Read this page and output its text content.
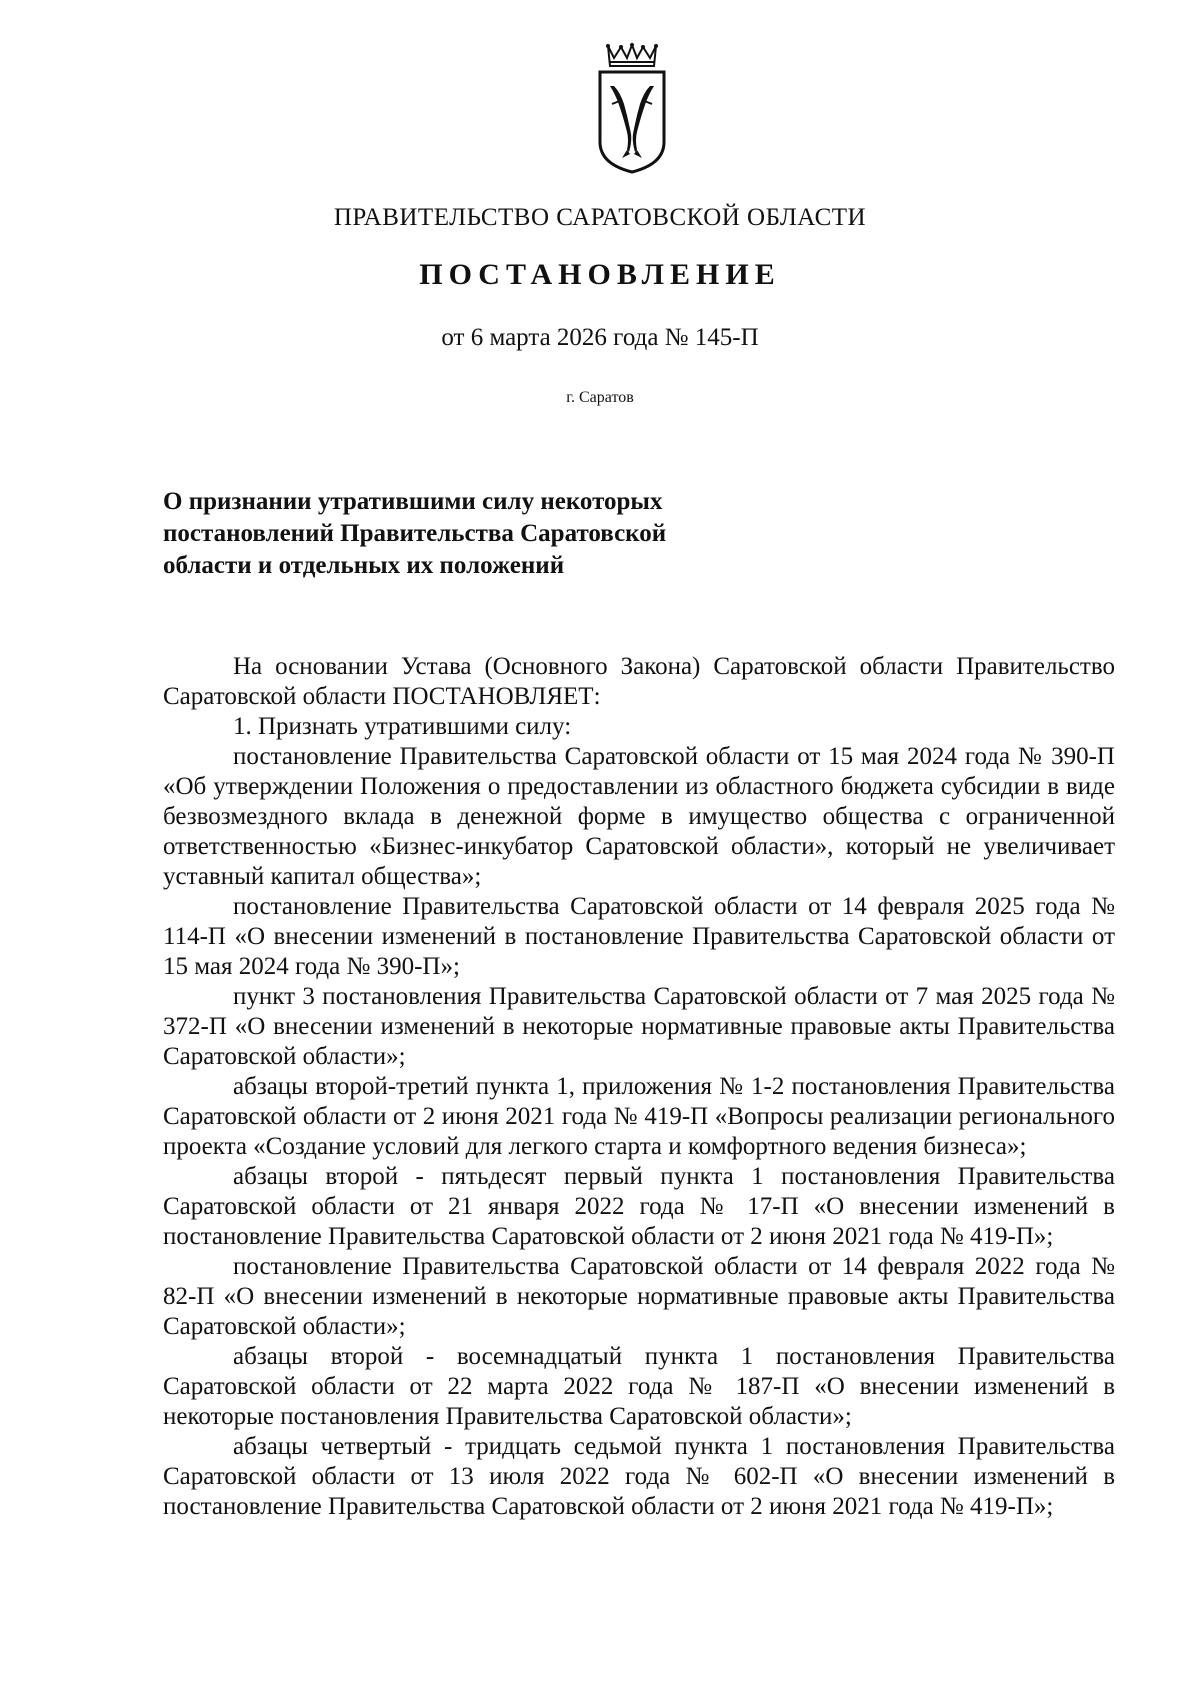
ПРАВИТЕЛЬСТВО САРАТОВСКОЙ ОБЛАСТИ
ПОСТАНОВЛЕНИЕ
от 6 марта 2026 года № 145-П
г. Саратов
О признании утратившими силу некоторых
постановлений Правительства Саратовской
области и отдельных их положений

На основании Устава (Основного Закона) Саратовской области Правительство Саратовской области ПОСТАНОВЛЯЕТ:

1. Признать утратившими силу:

постановление Правительства Саратовской области от 15 мая 2024 года № 390-П «Об утверждении Положения о предоставлении из областного бюджета субсидии в виде безвозмездного вклада в денежной форме в имущество общества с ограниченной ответственностью «Бизнес-инкубатор Саратовской области», который не увеличивает уставный капитал общества»;

постановление Правительства Саратовской области от 14 февраля 2025 года № 114-П «О внесении изменений в постановление Правительства Саратовской области от 15 мая 2024 года № 390-П»;

пункт 3 постановления Правительства Саратовской области от 7 мая 2025 года № 372-П «О внесении изменений в некоторые нормативные правовые акты Правительства Саратовской области»;

абзацы второй-третий пункта 1, приложения № 1-2 постановления Правительства Саратовской области от 2 июня 2021 года № 419-П «Вопросы реализации регионального проекта «Создание условий для легкого старта и комфортного ведения бизнеса»;

абзацы второй - пятьдесят первый пункта 1 постановления Правительства Саратовской области от 21 января 2022 года № 17-П «О внесении изменений в постановление Правительства Саратовской области от 2 июня 2021 года № 419-П»;

постановление Правительства Саратовской области от 14 февраля 2022 года № 82-П «О внесении изменений в некоторые нормативные правовые акты Правительства Саратовской области»;

абзацы второй - восемнадцатый пункта 1 постановления Правительства Саратовской области от 22 марта 2022 года № 187-П «О внесении изменений в некоторые постановления Правительства Саратовской области»;

абзацы четвертый - тридцать седьмой пункта 1 постановления Правительства Саратовской области от 13 июля 2022 года № 602-П «О внесении изменений в постановление Правительства Саратовской области от 2 июня 2021 года № 419-П»;
